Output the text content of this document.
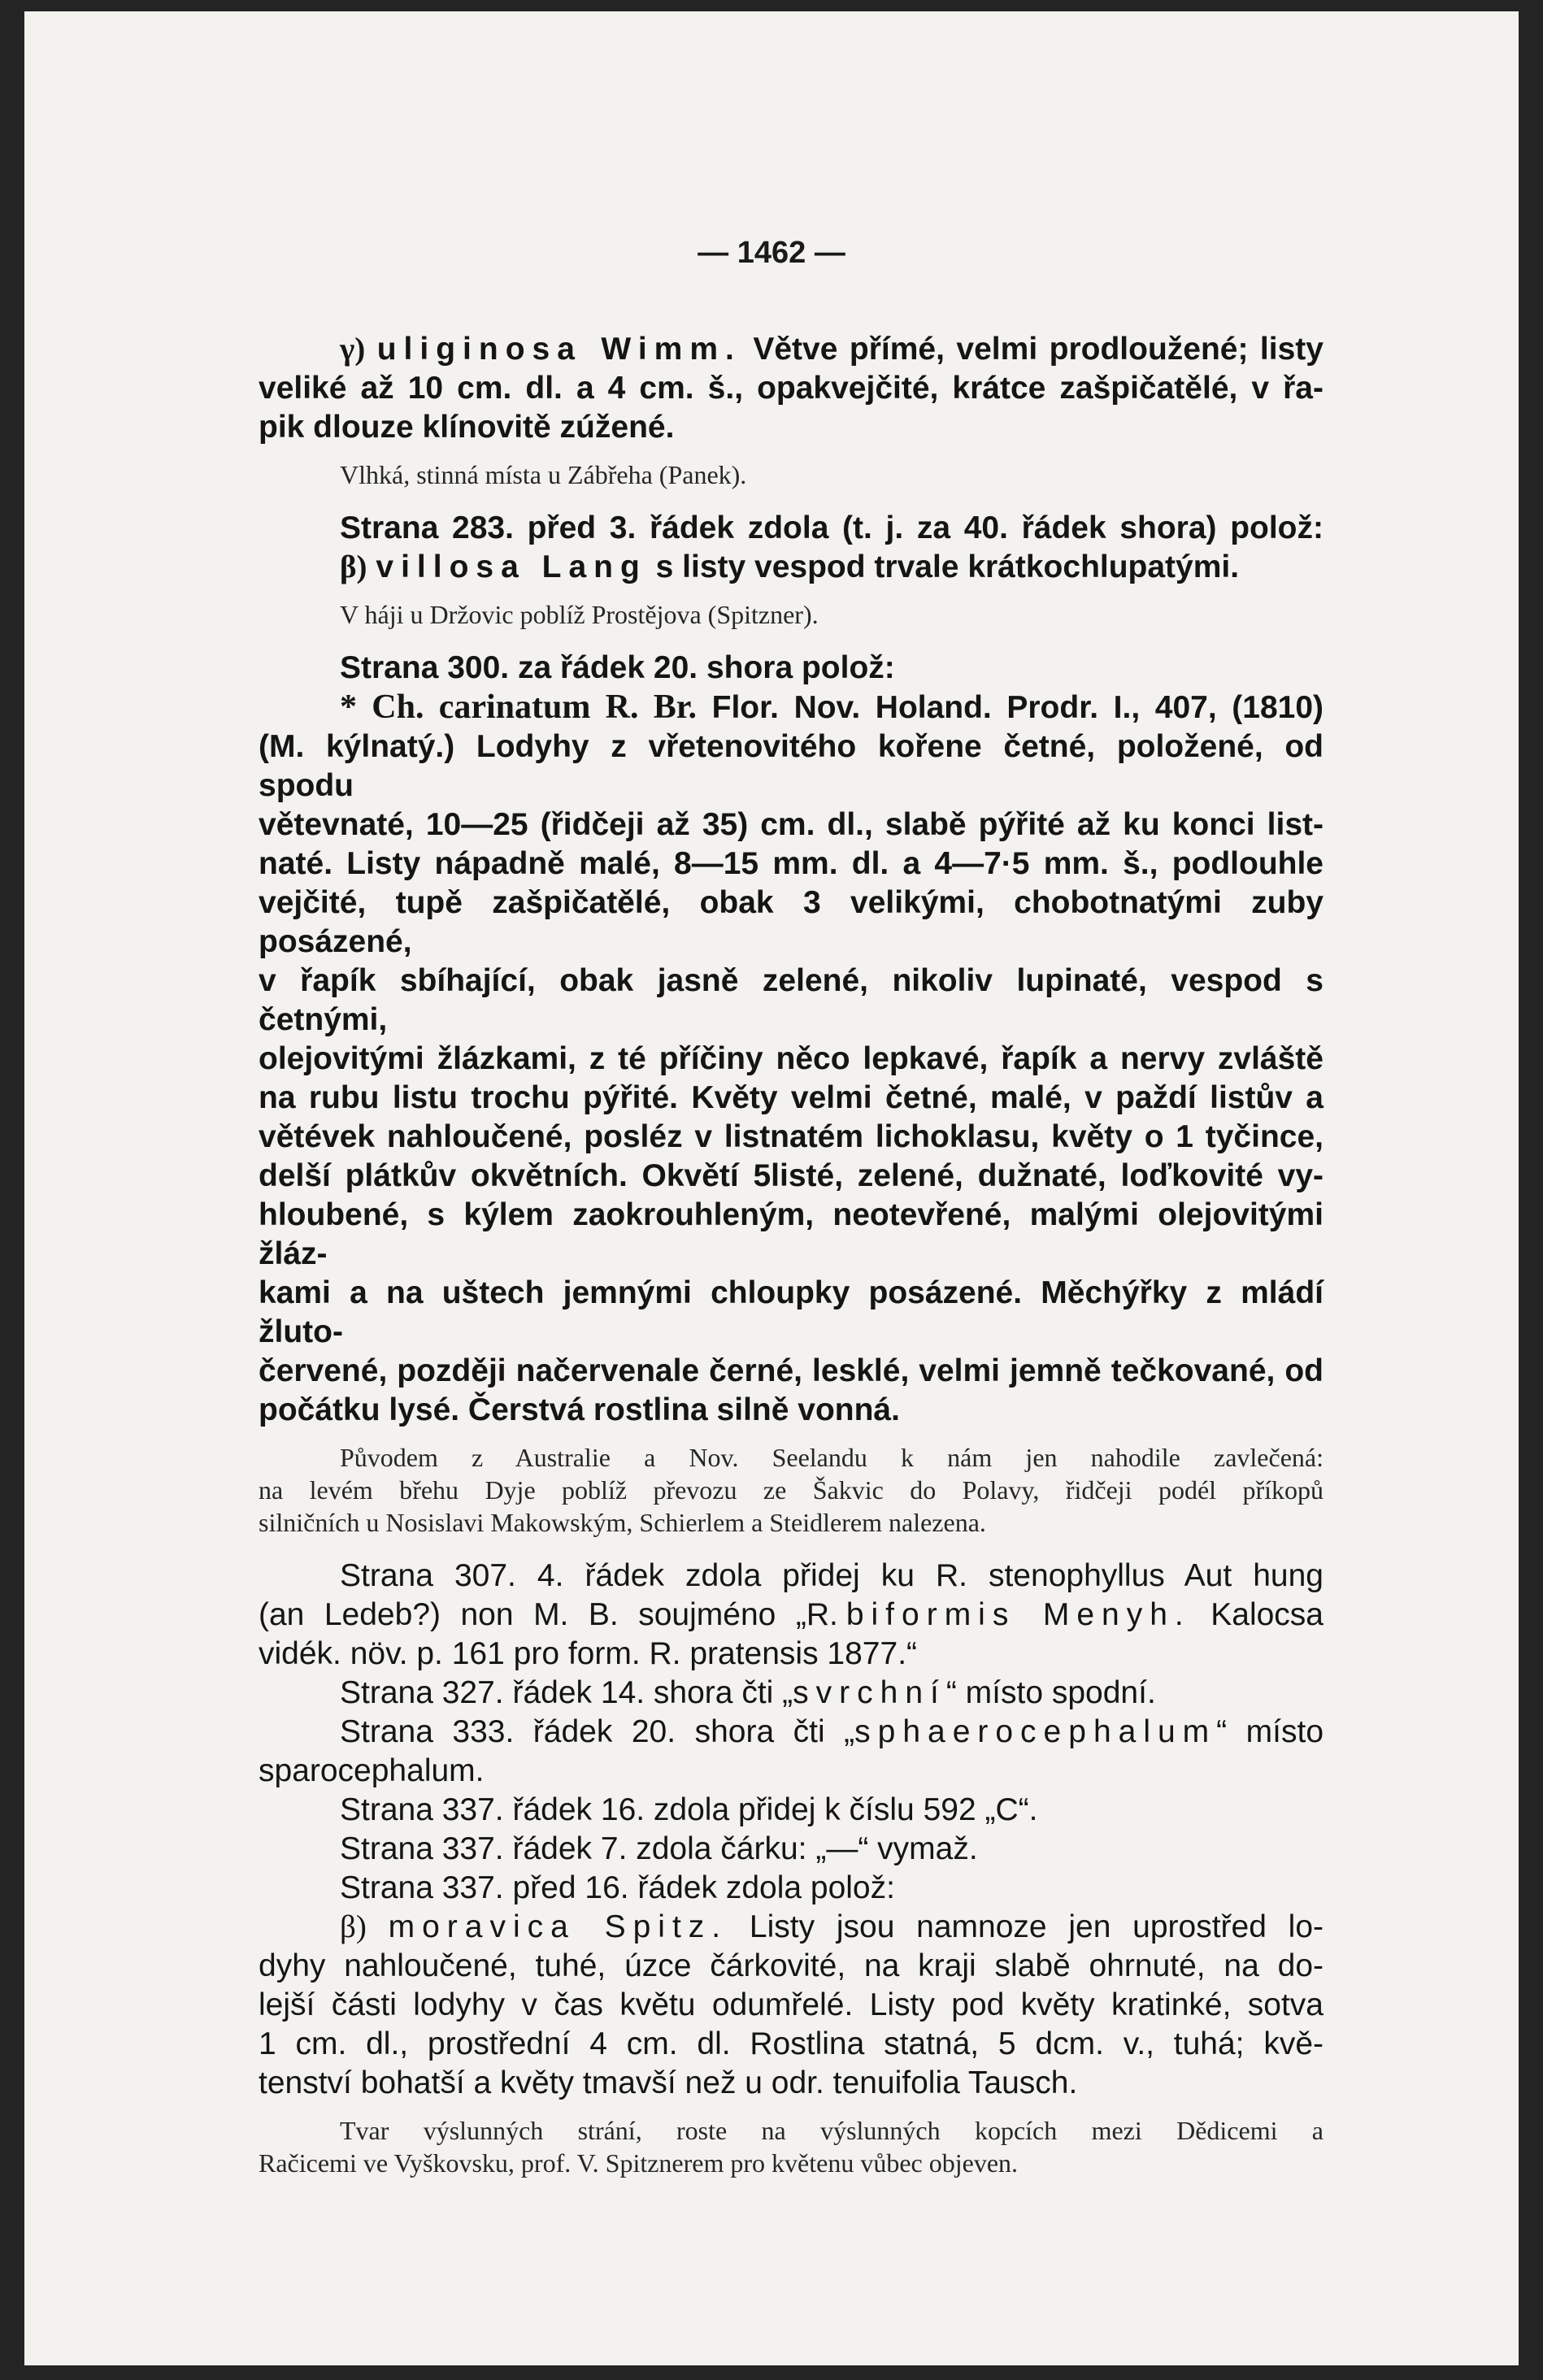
— 1462 —
γ) uliginosa Wimm. Větve přímé, velmi prodloužené; listy
veliké až 10 cm. dl. a 4 cm. š., opakvejčité, krátce zašpičatělé, v řa-
pik dlouze klínovitě zúžené.
Vlhká, stinná místa u Zábřeha (Panek).
Strana 283. před 3. řádek zdola (t. j. za 40. řádek shora) polož:
β) villosa Lang s listy vespod trvale krátkochlupatými.
V háji u Držovic poblíž Prostějova (Spitzner).
Strana 300. za řádek 20. shora polož:
* Ch. carinatum R. Br. Flor. Nov. Holand. Prodr. I., 407, (1810)
(M. kýlnatý.) Lodyhy z vřetenovitého kořene četné, položené, od spodu
větevnaté, 10—25 (řidčeji až 35) cm. dl., slabě pýřité až ku konci list-
naté. Listy nápadně malé, 8—15 mm. dl. a 4—7·5 mm. š., podlouhle
vejčité, tupě zašpičatělé, obak 3 velikými, chobotnatými zuby posázené,
v řapík sbíhající, obak jasně zelené, nikoliv lupinaté, vespod s četnými,
olejovitými žlázkami, z té příčiny něco lepkavé, řapík a nervy zvláště
na rubu listu trochu pýřité. Květy velmi četné, malé, v paždí listův a
větévek nahloučené, posléz v listnatém lichoklasu, květy o 1 tyčince,
delší plátkův okvětních. Okvětí 5listé, zelené, dužnaté, loďkovité vy-
hloubené, s kýlem zaokrouhleným, neotevřené, malými olejovitými žláz-
kami a na uštech jemnými chloupky posázené. Měchýřky z mládí žluto-
červené, později načervenale černé, lesklé, velmi jemně tečkované, od
počátku lysé. Čerstvá rostlina silně vonná.
Původem z Australie a Nov. Seelandu k nám jen nahodile zavlečená:
na levém břehu Dyje poblíž převozu ze Šakvic do Polavy, řidčeji podél příkopů
silničních u Nosislavi Makowským, Schierlem a Steidlerem nalezena.
Strana 307. 4. řádek zdola přidej ku R. stenophyllus Aut hung
(an Ledeb?) non M. B. soujméno „R. biformis Menyh. Kalocsa
vidék. növ. p. 161 pro form. R. pratensis 1877.“
Strana 327. řádek 14. shora čti „svrchní“ místo spodní.
Strana 333. řádek 20. shora čti „sphaerocephalum“ místo
sparocephalum.
Strana 337. řádek 16. zdola přidej k číslu 592 „C“.
Strana 337. řádek 7. zdola čárku: „—“ vymaž.
Strana 337. před 16. řádek zdola polož:
β) moravica Spitz. Listy jsou namnoze jen uprostřed lo-
dyhy nahloučené, tuhé, úzce čárkovité, na kraji slabě ohrnuté, na do-
lejší části lodyhy v čas květu odumřelé. Listy pod květy kratinké, sotva
1 cm. dl., prostřední 4 cm. dl. Rostlina statná, 5 dcm. v., tuhá; kvě-
tenství bohatší a květy tmavší než u odr. tenuifolia Tausch.
Tvar výslunných strání, roste na výslunných kopcích mezi Dědicemi a
Račicemi ve Vyškovsku, prof. V. Spitznerem pro květenu vůbec objeven.
